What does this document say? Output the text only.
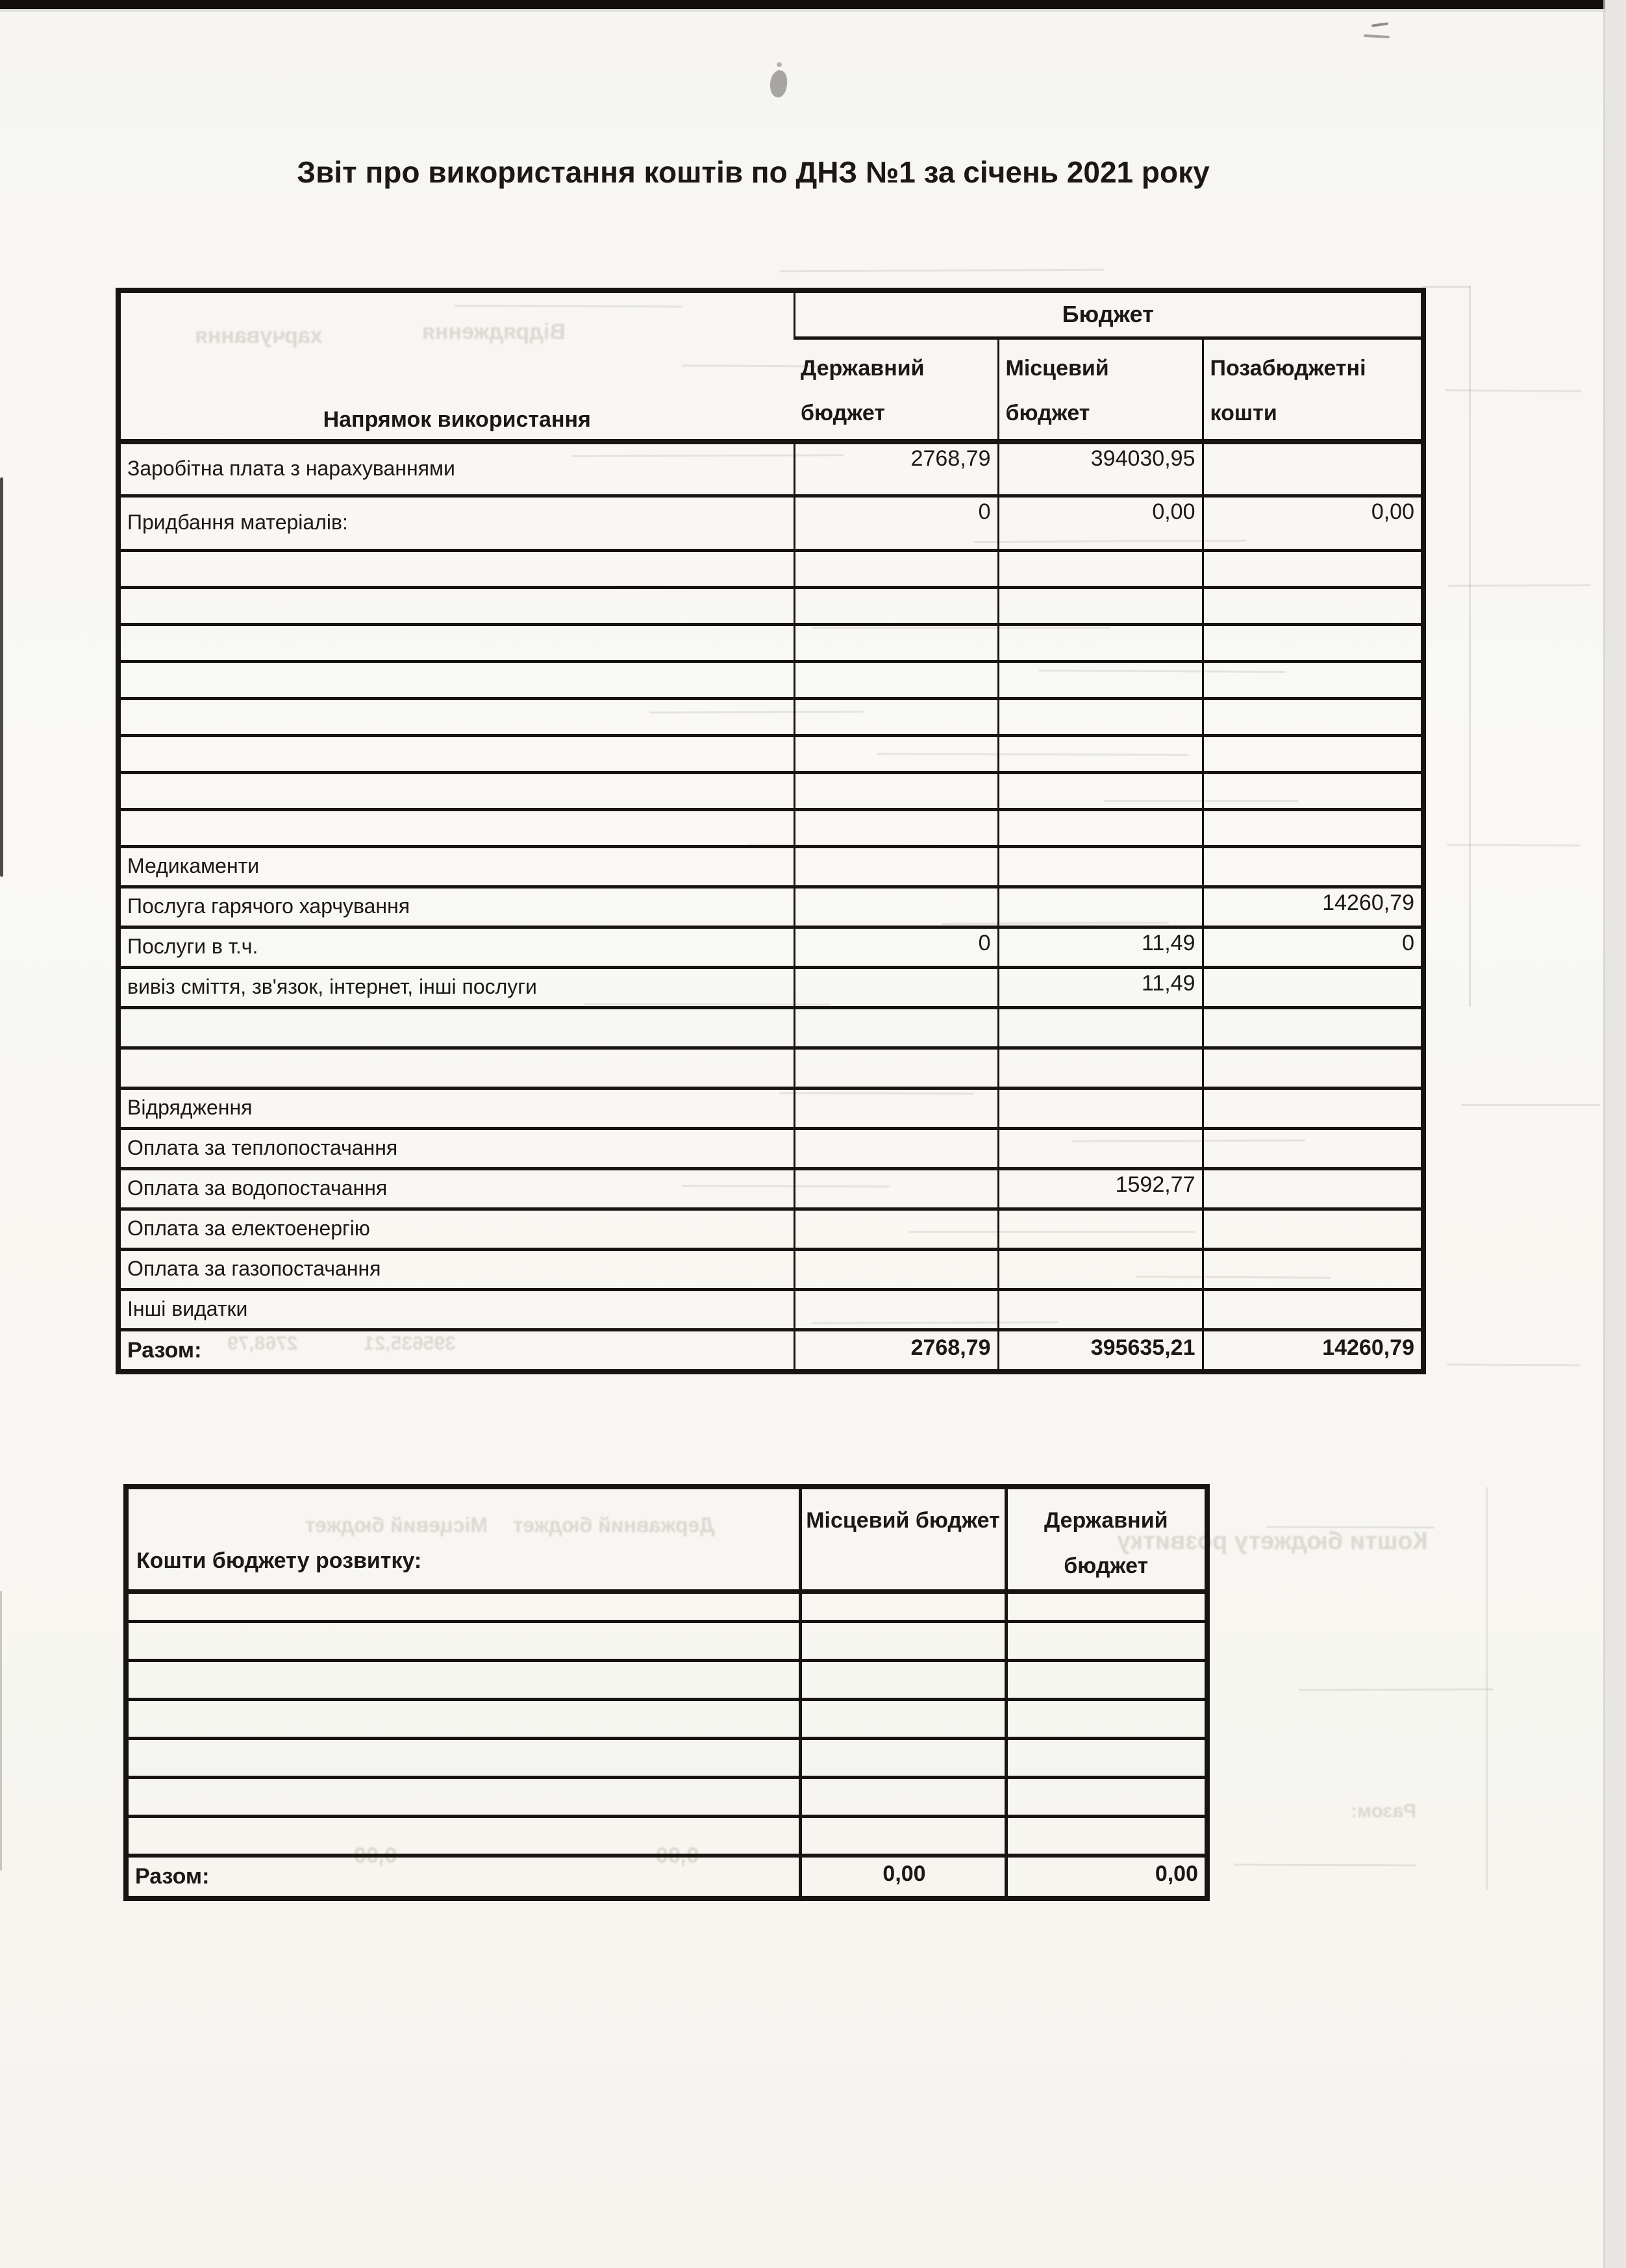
харчування	Відрядження
2768,79	395635,21
Місцевий бюджет Державний бюджет
Кошти бюджету розвитку
Разом:
0,00	0,00
Звіт про використання коштів по ДНЗ №1 за січень 2021 року
Напрямок використання	Бюджет		
	Державний бюджет	Місцевий бюджет	Позабюджетні кошти
Заробітна плата з нарахуваннями	2768,79	394030,95	
Придбання матеріалів:	0	0,00	0,00

Медикаменти			
Послуга гарячого харчування			14260,79
Послуги в т.ч.	0	11,49	0
вивіз сміття, зв'язок, інтернет, інші послуги		11,49	

Відрядження			
Оплата за теплопостачання			
Оплата за водопостачання		1592,77	
Оплата за електоенергію			
Оплата за газопостачання			
Інші видатки			
Разом:	2768,79	395635,21	14260,79
Кошти бюджету розвитку:	Місцевий бюджет	Державний бюджет

Разом:	0,00	0,00
